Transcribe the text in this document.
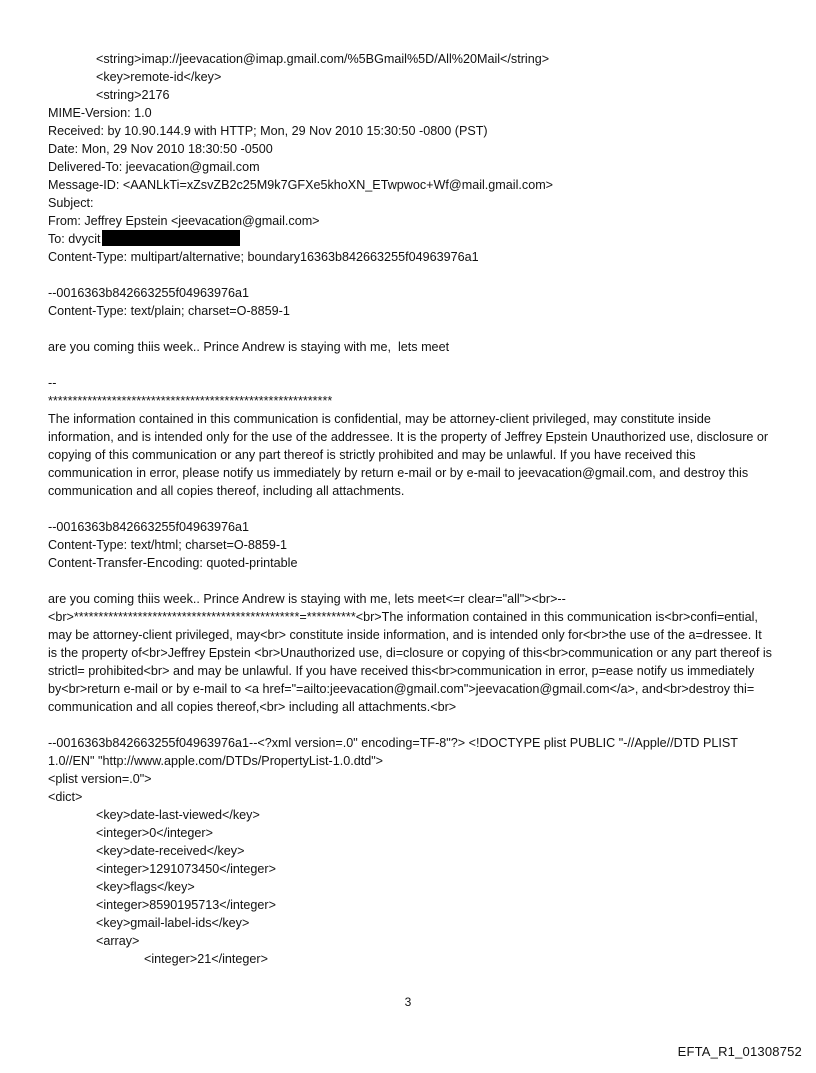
<string>imap://jeevacation@imap.gmail.com/%5BGmail%5D/All%20Mail</string>
<key>remote-id</key>
<string>2176
MIME-Version: 1.0
Received: by 10.90.144.9 with HTTP; Mon, 29 Nov 2010 15:30:50 -0800 (PST)
Date: Mon, 29 Nov 2010 18:30:50 -0500
Delivered-To: jeevacation@gmail.com
Message-ID: <AANLkTi=xZsvZB2c25M9k7GFXe5khoXN_ETwpwoc+Wf@mail.gmail.com>
Subject:
From: Jeffrey Epstein <jeevacation@gmail.com>
To: dvycit
Content-Type: multipart/alternative; boundary16363b842663255f04963976a1
--0016363b842663255f04963976a1
Content-Type: text/plain; charset=O-8859-1
are you coming thiis week.. Prince Andrew is staying with me,  lets meet
--
**********************************************************
The information contained in this communication is confidential, may be attorney-client privileged, may constitute inside information, and is intended only for the use of the addressee. It is the property of Jeffrey Epstein Unauthorized use, disclosure or copying of this communication or any part thereof is strictly prohibited and may be unlawful. If you have received this communication in error, please notify us immediately by return e-mail or by e-mail to jeevacation@gmail.com, and destroy this communication and all copies thereof, including all attachments.
--0016363b842663255f04963976a1
Content-Type: text/html; charset=O-8859-1
Content-Transfer-Encoding: quoted-printable
are you coming thiis week.. Prince Andrew is staying with me, lets meet<=r clear="all"><br>--<br>**********************************************=**********<br>The information contained in this communication is<br>confi=ential, may be attorney-client privileged, may<br> constitute inside information, and is intended only for<br>the use of the a=dressee. It is the property of<br>Jeffrey Epstein <br>Unauthorized use, di=closure or copying of this<br>communication or any part thereof is strictl= prohibited<br> and may be unlawful. If you have received this<br>communication in error, p=ease notify us immediately by<br>return e-mail or by e-mail to <a href="=ailto:jeevacation@gmail.com">jeevacation@gmail.com</a>, and<br>destroy thi= communication and all copies thereof,<br> including all attachments.<br>
--0016363b842663255f04963976a1--<?xml version=.0" encoding=TF-8"?> <!DOCTYPE plist PUBLIC "-//Apple//DTD PLIST 1.0//EN" "http://www.apple.com/DTDs/PropertyList-1.0.dtd">
<plist version=.0">
<dict>
<key>date-last-viewed</key>
<integer>0</integer>
<key>date-received</key>
<integer>1291073450</integer>
<key>flags</key>
<integer>8590195713</integer>
<key>gmail-label-ids</key>
<array>
<integer>21</integer>
3
EFTA_R1_01308752
